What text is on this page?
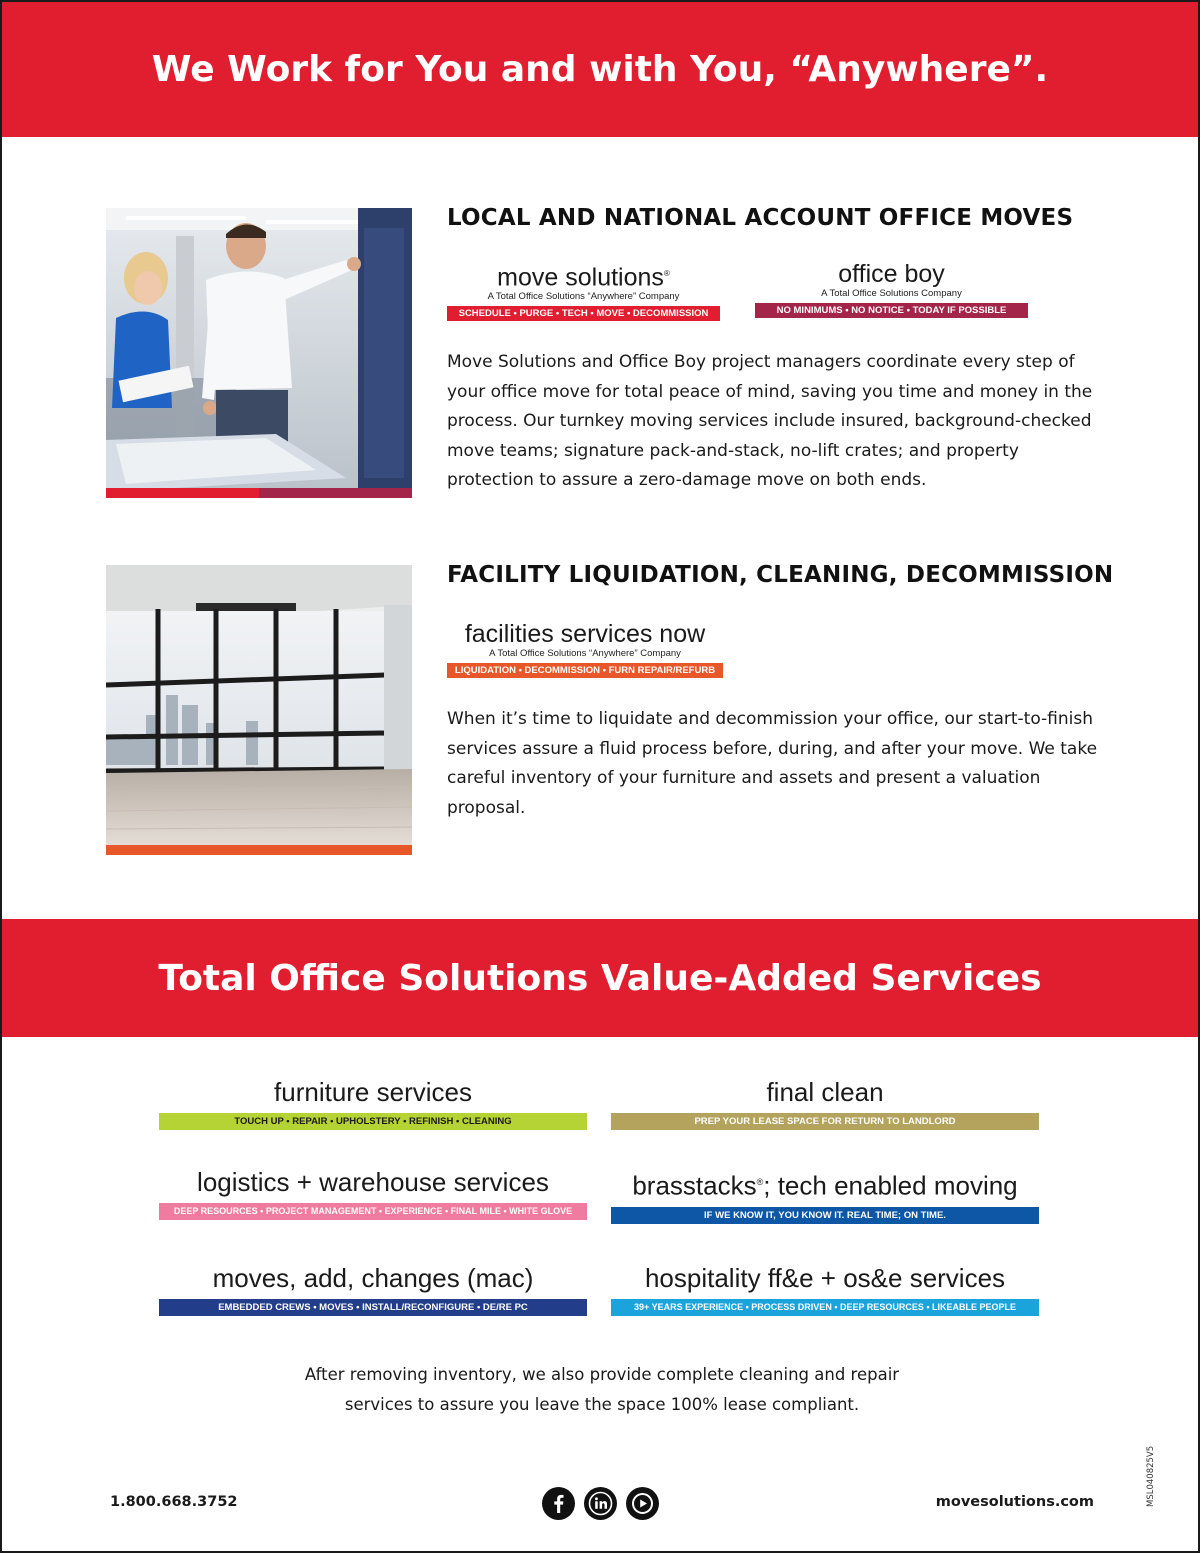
We Work for You and with You, “Anywhere”.
LOCAL AND NATIONAL ACCOUNT OFFICE MOVES
move solutions®
A Total Office Solutions “Anywhere” Company
SCHEDULE • PURGE • TECH • MOVE • DECOMMISSION
office boy
A Total Office Solutions Company
NO MINIMUMS • NO NOTICE • TODAY IF POSSIBLE
Move Solutions and Office Boy project managers coordinate every step of your office move for total peace of mind, saving you time and money in the process. Our turnkey moving services include insured, background-checked move teams; signature pack-and-stack, no-lift crates; and property protection to assure a zero-damage move on both ends.
FACILITY LIQUIDATION, CLEANING, DECOMMISSION
facilities services now
A Total Office Solutions “Anywhere” Company
LIQUIDATION • DECOMMISSION • FURN REPAIR/REFURB
When it’s time to liquidate and decommission your office, our start-to-finish services assure a fluid process before, during, and after your move. We take careful inventory of your furniture and assets and present a valuation proposal.
Total Office Solutions Value-Added Services
furniture services
TOUCH UP • REPAIR • UPHOLSTERY • REFINISH • CLEANING
final clean
PREP YOUR LEASE SPACE FOR RETURN TO LANDLORD
logistics + warehouse services
DEEP RESOURCES • PROJECT MANAGEMENT • EXPERIENCE • FINAL MILE • WHITE GLOVE
brasstacks®; tech enabled moving
IF WE KNOW IT, YOU KNOW IT. REAL TIME; ON TIME.
moves, add, changes (mac)
EMBEDDED CREWS • MOVES • INSTALL/RECONFIGURE • DE/RE PC
hospitality ff&e + os&e services
39+ YEARS EXPERIENCE • PROCESS DRIVEN • DEEP RESOURCES • LIKEABLE PEOPLE
After removing inventory, we also provide complete cleaning and repair services to assure you leave the space 100% lease compliant.
1.800.668.3752	movesolutions.com	MSL040825V5
